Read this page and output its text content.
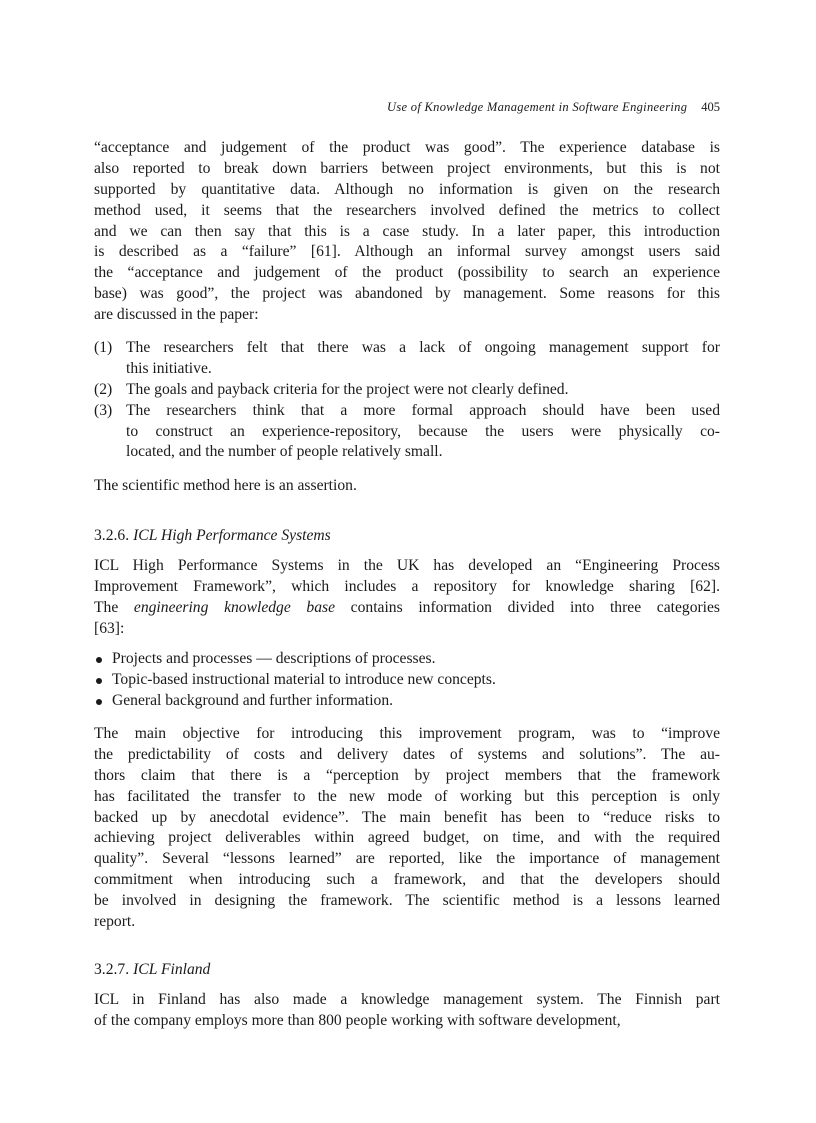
Use of Knowledge Management in Software Engineering 405
“acceptance and judgement of the product was good”. The experience database is
also reported to break down barriers between project environments, but this is not
supported by quantitative data. Although no information is given on the research
method used, it seems that the researchers involved defined the metrics to collect
and we can then say that this is a case study. In a later paper, this introduction
is described as a “failure” [61]. Although an informal survey amongst users said
the “acceptance and judgement of the product (possibility to search an experience
base) was good”, the project was abandoned by management. Some reasons for this
are discussed in the paper:
(1) The researchers felt that there was a lack of ongoing management support for
this initiative.
(2) The goals and payback criteria for the project were not clearly defined.
(3) The researchers think that a more formal approach should have been used
to construct an experience-repository, because the users were physically co-
located, and the number of people relatively small.
The scientific method here is an assertion.
3.2.6. ICL High Performance Systems
ICL High Performance Systems in the UK has developed an “Engineering Process
Improvement Framework”, which includes a repository for knowledge sharing [62].
The engineering knowledge base contains information divided into three categories
[63]:
Projects and processes — descriptions of processes.
Topic-based instructional material to introduce new concepts.
General background and further information.
The main objective for introducing this improvement program, was to “improve
the predictability of costs and delivery dates of systems and solutions”. The au-
thors claim that there is a “perception by project members that the framework
has facilitated the transfer to the new mode of working but this perception is only
backed up by anecdotal evidence”. The main benefit has been to “reduce risks to
achieving project deliverables within agreed budget, on time, and with the required
quality”. Several “lessons learned” are reported, like the importance of management
commitment when introducing such a framework, and that the developers should
be involved in designing the framework. The scientific method is a lessons learned
report.
3.2.7. ICL Finland
ICL in Finland has also made a knowledge management system. The Finnish part
of the company employs more than 800 people working with software development,
